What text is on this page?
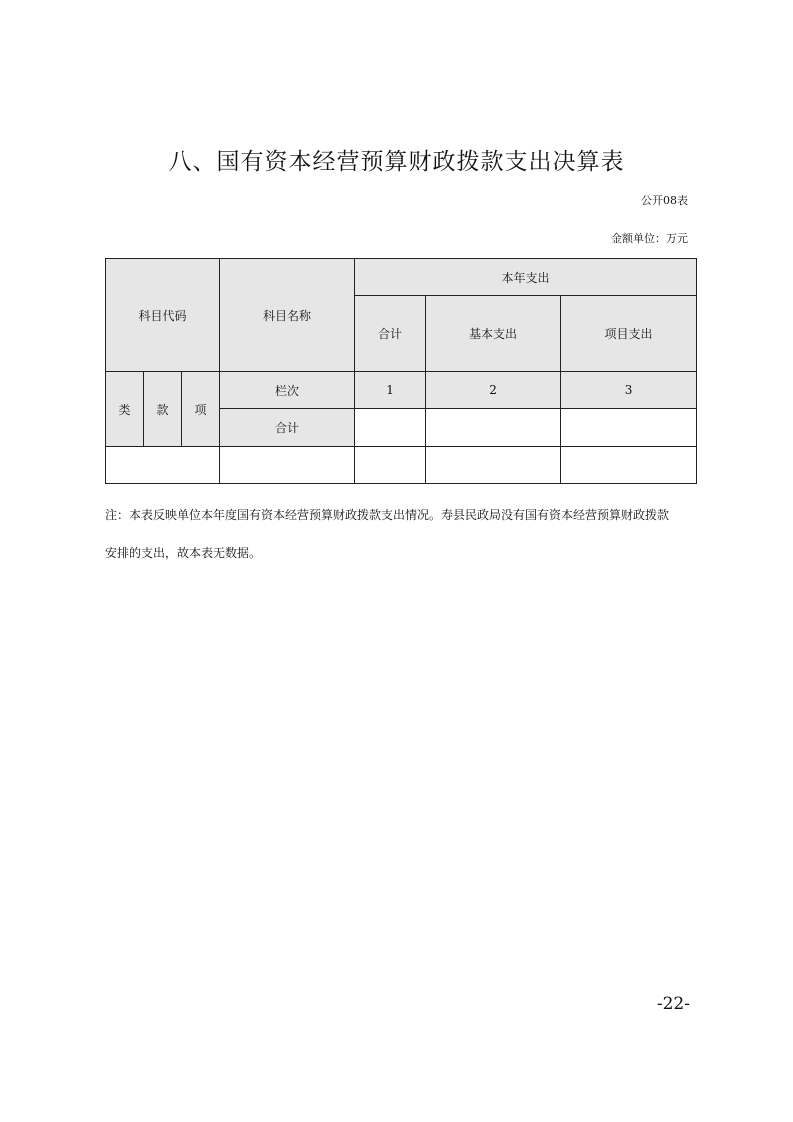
八、国有资本经营预算财政拨款支出决算表
公开08表
金额单位：万元
科目代码			科目名称	本年支出		
				合计	基本支出	项目支出
类	款	项	栏次	1	2	3
			合计			

注：本表反映单位本年度国有资本经营预算财政拨款支出情况。寿县民政局没有国有资本经营预算财政拨款

安排的支出，故本表无数据。

-22-
